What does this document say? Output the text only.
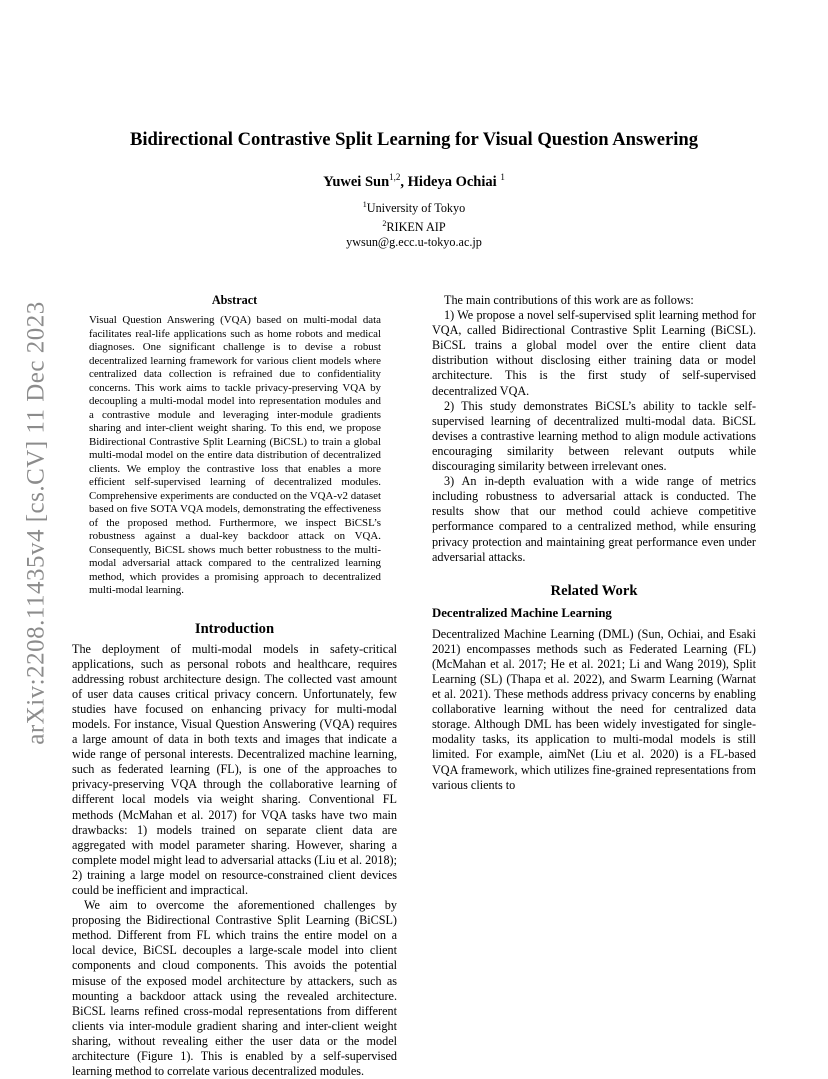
arXiv:2208.11435v4 [cs.CV] 11 Dec 2023
Bidirectional Contrastive Split Learning for Visual Question Answering
Yuwei Sun$^{1,2}$, Hideya Ochiai $^1$
$^1$University of Tokyo
$^2$RIKEN AIP
ywsun@g.ecc.u-tokyo.ac.jp
Abstract

Visual Question Answering (VQA) based on multi-modal data facilitates real-life applications such as home robots and medical diagnoses. One significant challenge is to devise a robust decentralized learning framework for various client models where centralized data collection is refrained due to confidentiality concerns. This work aims to tackle privacy-preserving VQA by decoupling a multi-modal model into representation modules and a contrastive module and leveraging inter-module gradients sharing and inter-client weight sharing. To this end, we propose Bidirectional Contrastive Split Learning (BiCSL) to train a global multi-modal model on the entire data distribution of decentralized clients. We employ the contrastive loss that enables a more efficient self-supervised learning of decentralized modules. Comprehensive experiments are conducted on the VQA-v2 dataset based on five SOTA VQA models, demonstrating the effectiveness of the proposed method. Furthermore, we inspect BiCSL’s robustness against a dual-key backdoor attack on VQA. Consequently, BiCSL shows much better robustness to the multi-modal adversarial attack compared to the centralized learning method, which provides a promising approach to decentralized multi-modal learning.

Introduction

The deployment of multi-modal models in safety-critical applications, such as personal robots and healthcare, requires addressing robust architecture design. The collected vast amount of user data causes critical privacy concern. Unfortunately, few studies have focused on enhancing privacy for multi-modal models. For instance, Visual Question Answering (VQA) requires a large amount of data in both texts and images that indicate a wide range of personal interests. Decentralized machine learning, such as federated learning (FL), is one of the approaches to privacy-preserving VQA through the collaborative learning of different local models via weight sharing. Conventional FL methods (McMahan et al. 2017) for VQA tasks have two main drawbacks: 1) models trained on separate client data are aggregated with model parameter sharing. However, sharing a complete model might lead to adversarial attacks (Liu et al. 2018); 2) training a large model on resource-constrained client devices could be inefficient and impractical.

We aim to overcome the aforementioned challenges by proposing the Bidirectional Contrastive Split Learning (BiCSL) method. Different from FL which trains the entire model on a local device, BiCSL decouples a large-scale model into client components and cloud components. This avoids the potential misuse of the exposed model architecture by attackers, such as mounting a backdoor attack using the revealed architecture. BiCSL learns refined cross-modal representations from different clients via inter-module gradient sharing and inter-client weight sharing, without revealing either the user data or the model architecture (Figure 1). This is enabled by a self-supervised learning method to correlate various decentralized modules.

The main contributions of this work are as follows:

1) We propose a novel self-supervised split learning method for VQA, called Bidirectional Contrastive Split Learning (BiCSL). BiCSL trains a global model over the entire client data distribution without disclosing either training data or model architecture. This is the first study of self-supervised decentralized VQA.

2) This study demonstrates BiCSL’s ability to tackle self-supervised learning of decentralized multi-modal data. BiCSL devises a contrastive learning method to align module activations encouraging similarity between relevant outputs while discouraging similarity between irrelevant ones.

3) An in-depth evaluation with a wide range of metrics including robustness to adversarial attack is conducted. The results show that our method could achieve competitive performance compared to a centralized method, while ensuring privacy protection and maintaining great performance even under adversarial attacks.

Related Work
Decentralized Machine Learning

Decentralized Machine Learning (DML) (Sun, Ochiai, and Esaki 2021) encompasses methods such as Federated Learning (FL) (McMahan et al. 2017; He et al. 2021; Li and Wang 2019), Split Learning (SL) (Thapa et al. 2022), and Swarm Learning (Warnat et al. 2021). These methods address privacy concerns by enabling collaborative learning without the need for centralized data storage. Although DML has been widely investigated for single-modality tasks, its application to multi-modal models is still limited. For example, aimNet (Liu et al. 2020) is a FL-based VQA framework, which utilizes fine-grained representations from various clients to
